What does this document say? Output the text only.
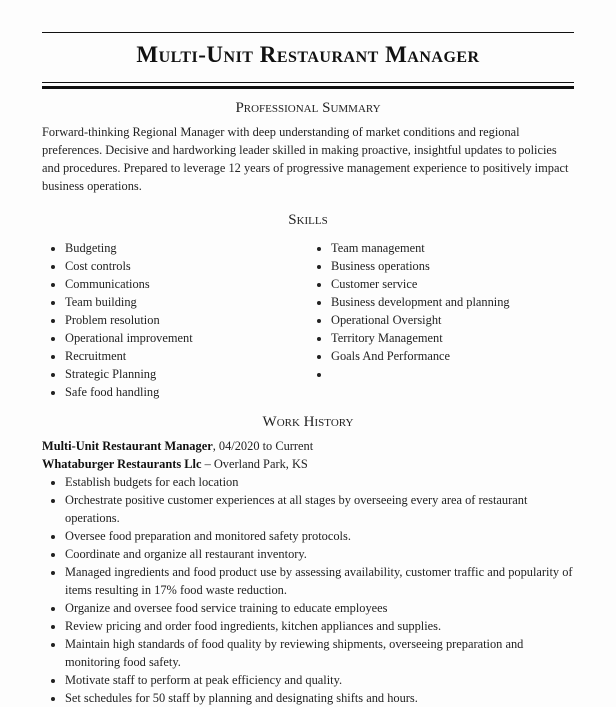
Multi-Unit Restaurant Manager
Professional Summary

Forward-thinking Regional Manager with deep understanding of market conditions and regional preferences. Decisive and hardworking leader skilled in making proactive, insightful updates to policies and procedures. Prepared to leverage 12 years of progressive management experience to positively impact business operations.

Skills
• Budgeting
• Cost controls
• Communications
• Team building
• Problem resolution
• Operational improvement
• Recruitment
• Strategic Planning
• Safe food handling
• Team management
• Business operations
• Customer service
• Business development and planning
• Operational Oversight
• Territory Management
• Goals And Performance
•
Work History
Multi-Unit Restaurant Manager, 04/2020 to Current
Whataburger Restaurants Llc – Overland Park, KS
• Establish budgets for each location
• Orchestrate positive customer experiences at all stages by overseeing every area of restaurant operations.
• Oversee food preparation and monitored safety protocols.
• Coordinate and organize all restaurant inventory.
• Managed ingredients and food product use by assessing availability, customer traffic and popularity of items resulting in 17% food waste reduction.
• Organize and oversee food service training to educate employees
• Review pricing and order food ingredients, kitchen appliances and supplies.
• Maintain high standards of food quality by reviewing shipments, overseeing preparation and monitoring food safety.
• Motivate staff to perform at peak efficiency and quality.
• Set schedules for 50 staff by planning and designating shifts and hours.
